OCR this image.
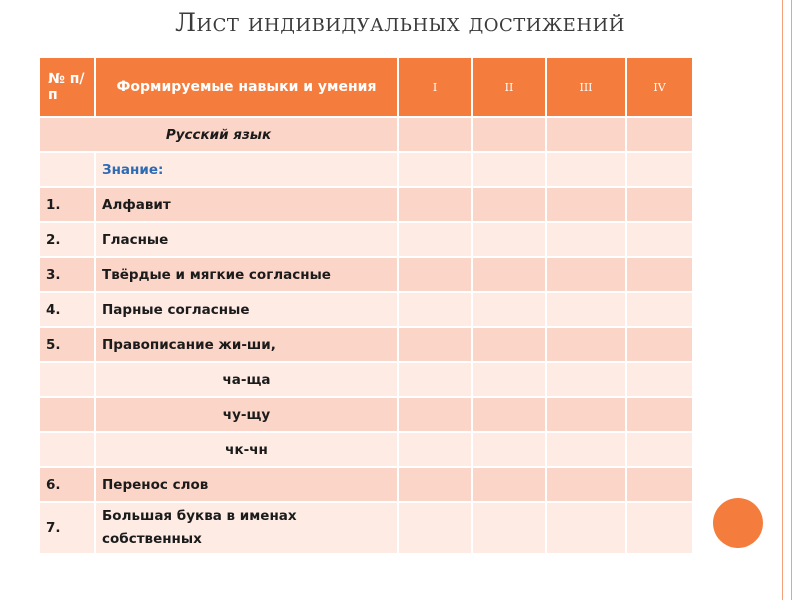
Лист индивидуальных достижений
№ п/п	Формируемые навыки и умения	I	II	III	IV
Русский язык					
	Знание:				
1.	Алфавит				
2.	Гласные				
3.	Твёрдые и мягкие согласные				
4.	Парные согласные				
5.	Правописание жи-ши,				
	ча-ща				
	чу-щу				
	чк-чн				
6.	Перенос слов				
7.	Большая буква в именах собственных				
